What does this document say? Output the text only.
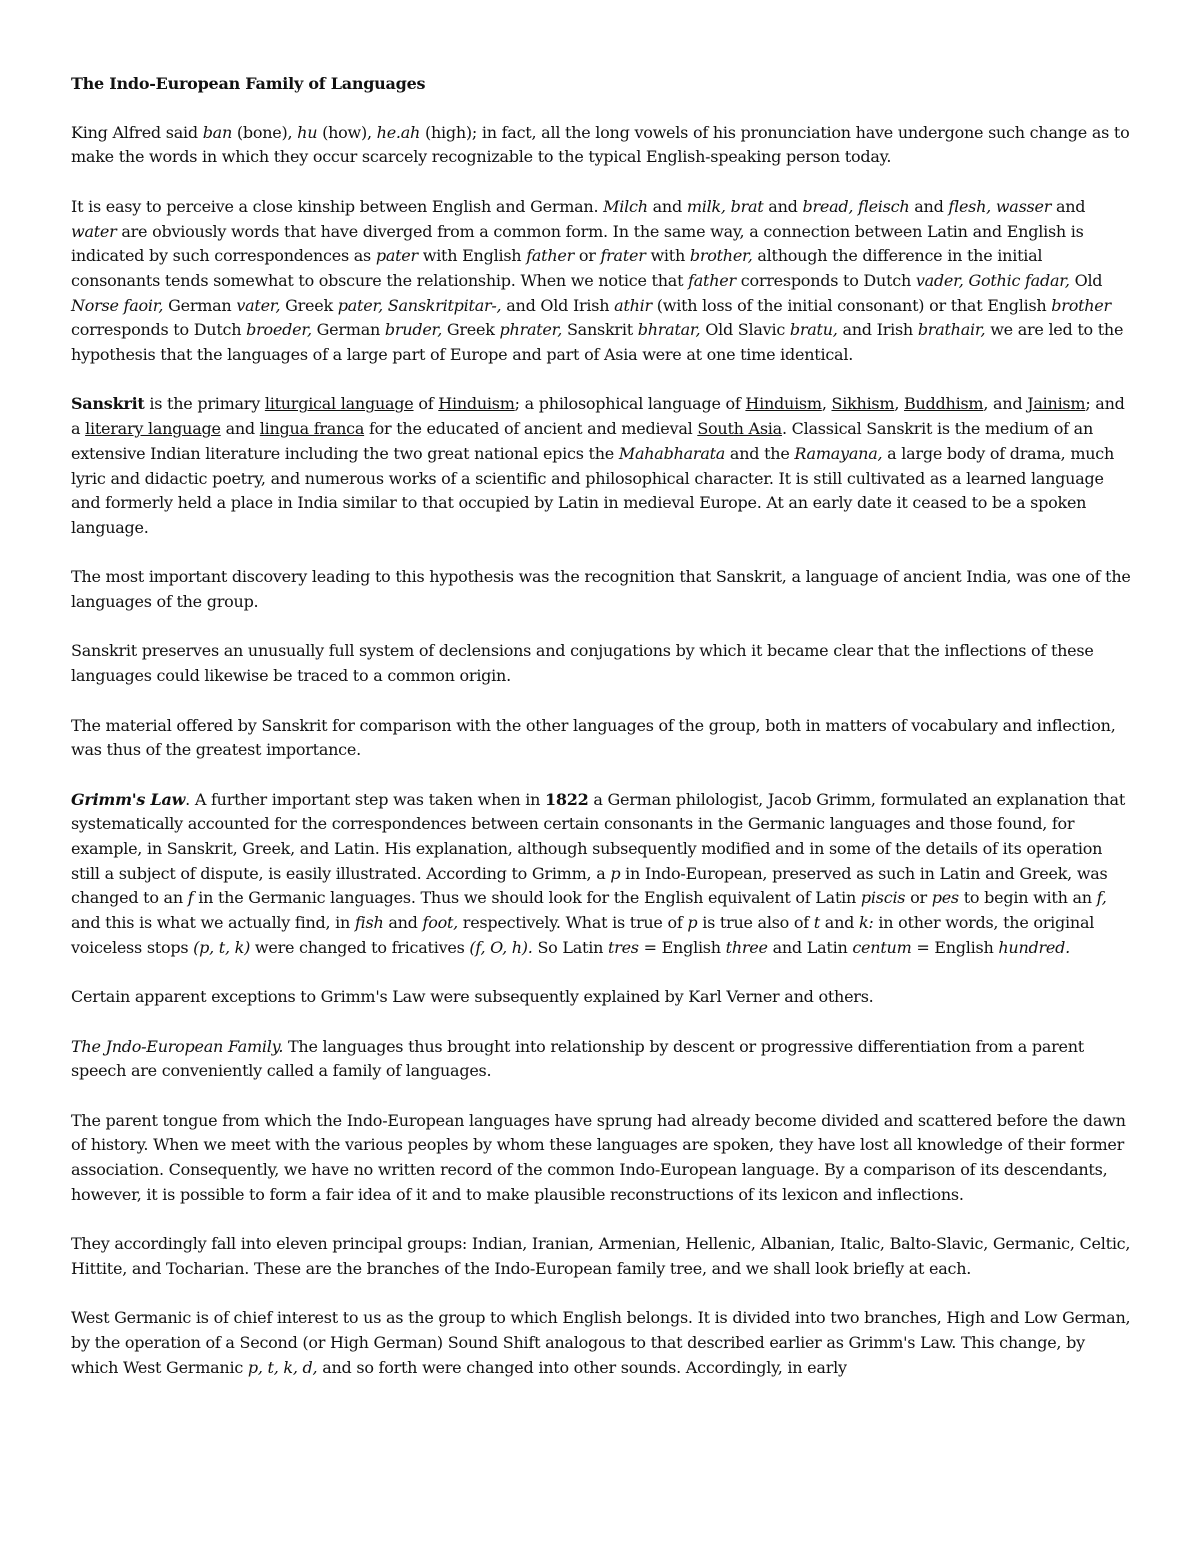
The Indo-European Family of Languages

King Alfred said ban (bone), hu (how), he.ah (high); in fact, all the long vowels of his pronunciation have undergone such change as to make the words in which they occur scarcely recognizable to the typical English-speaking person today.

It is easy to perceive a close kinship between English and German. Milch and milk, brat and bread, fleisch and flesh, wasser and water are obviously words that have diverged from a common form. In the same way, a connection between Latin and English is indicated by such correspondences as pater with English father or frater with brother, although the difference in the initial consonants tends somewhat to obscure the relationship. When we notice that father corresponds to Dutch vader, Gothic fadar, Old Norse faoir, German vater, Greek pater, Sanskritpitar-, and Old Irish athir (with loss of the initial consonant) or that English brother corresponds to Dutch broeder, German bruder, Greek phrater, Sanskrit bhratar, Old Slavic bratu, and Irish brathair, we are led to the hypothesis that the languages of a large part of Europe and part of Asia were at one time identical.

Sanskrit is the primary liturgical language of Hinduism; a philosophical language of Hinduism, Sikhism, Buddhism, and Jainism; and a literary language and lingua franca for the educated of ancient and medieval South Asia. Classical Sanskrit is the medium of an extensive Indian literature including the two great national epics the Mahabharata and the Ramayana, a large body of drama, much lyric and didactic poetry, and numerous works of a scientific and philosophical character. It is still cultivated as a learned language and formerly held a place in India similar to that occupied by Latin in medieval Europe. At an early date it ceased to be a spoken language.

The most important discovery leading to this hypothesis was the recognition that Sanskrit, a language of ancient India, was one of the languages of the group.

Sanskrit preserves an unusually full system of declensions and conjugations by which it became clear that the inflections of these languages could likewise be traced to a common origin.

The material offered by Sanskrit for comparison with the other languages of the group, both in matters of vocabulary and inflection, was thus of the greatest importance.

Grimm's Law. A further important step was taken when in 1822 a German philologist, Jacob Grimm, formulated an explanation that systematically accounted for the correspondences between certain consonants in the Germanic languages and those found, for example, in Sanskrit, Greek, and Latin. His explanation, although subsequently modified and in some of the details of its operation still a subject of dispute, is easily illustrated. According to Grimm, a p in Indo-European, preserved as such in Latin and Greek, was changed to an f in the Germanic languages. Thus we should look for the English equivalent of Latin piscis or pes to begin with an f, and this is what we actually find, in fish and foot, respectively. What is true of p is true also of t and k: in other words, the original voiceless stops (p, t, k) were changed to fricatives (f, O, h). So Latin tres = English three and Latin centum = English hundred.

Certain apparent exceptions to Grimm's Law were subsequently explained by Karl Verner and others.

The Jndo-European Family. The languages thus brought into relationship by descent or progressive differentiation from a parent speech are conveniently called a family of languages.

The parent tongue from which the Indo-European languages have sprung had already become divided and scattered before the dawn of history. When we meet with the various peoples by whom these languages are spoken, they have lost all knowledge of their former association. Consequently, we have no written record of the common Indo-European language. By a comparison of its descendants, however, it is possible to form a fair idea of it and to make plausible reconstructions of its lexicon and inflections.

They accordingly fall into eleven principal groups: Indian, Iranian, Armenian, Hellenic, Albanian, Italic, Balto-Slavic, Germanic, Celtic, Hittite, and Tocharian. These are the branches of the Indo-European family tree, and we shall look briefly at each.

West Germanic is of chief interest to us as the group to which English belongs. It is divided into two branches, High and Low German, by the operation of a Second (or High German) Sound Shift analogous to that described earlier as Grimm's Law. This change, by which West Germanic p, t, k, d, and so forth were changed into other sounds. Accordingly, in early
